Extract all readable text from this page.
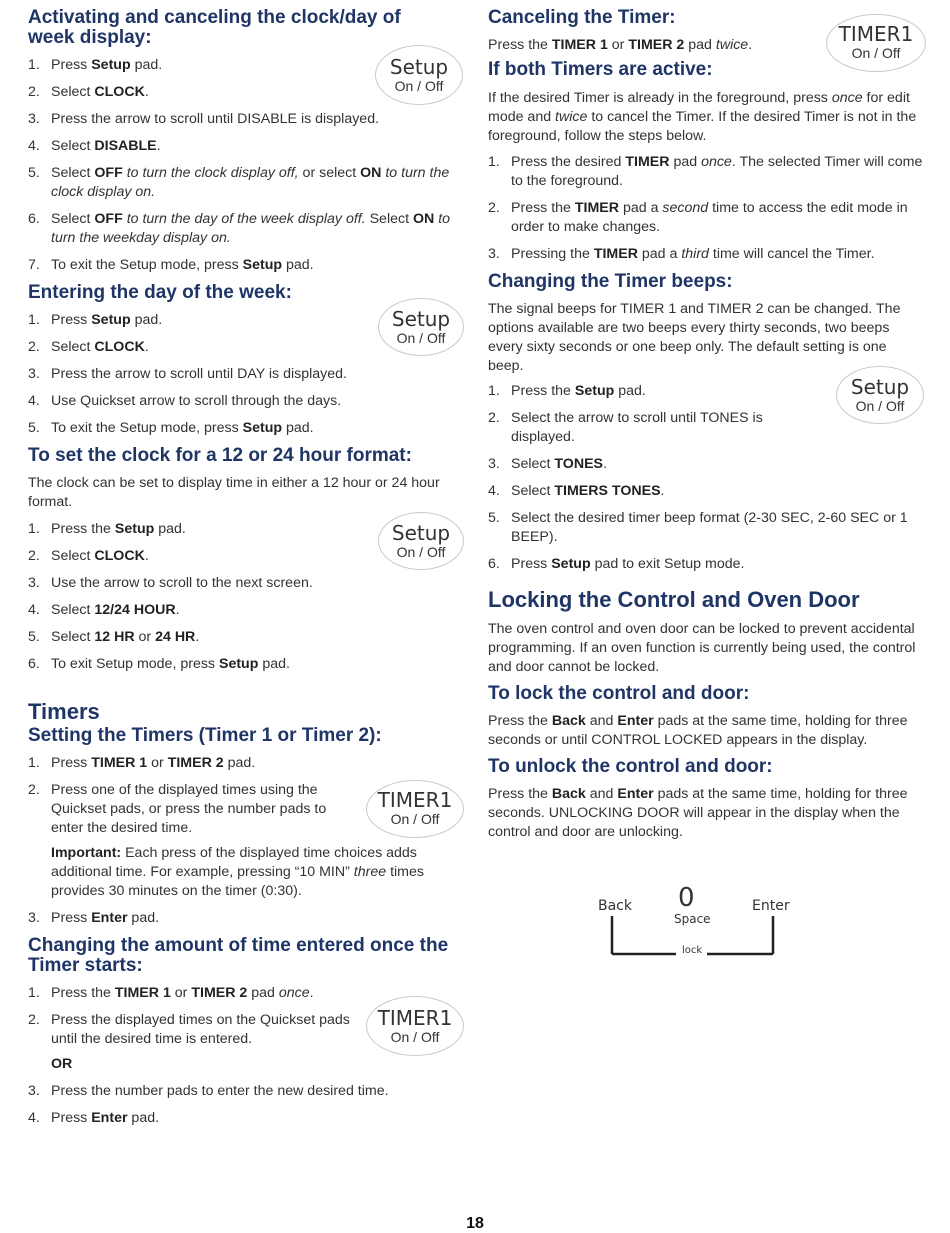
Activating and canceling the clock/day of week display:
1. Press Setup pad.
2. Select CLOCK.
3. Press the arrow to scroll until DISABLE is displayed.
4. Select DISABLE.
5. Select OFF to turn the clock display off, or select ON to turn the clock display on.
6. Select OFF to turn the day of the week display off. Select ON to turn the weekday display on.
7. To exit the Setup mode, press Setup pad.
Entering the day of the week:
1. Press Setup pad.
2. Select CLOCK.
3. Press the arrow to scroll until DAY is displayed.
4. Use Quickset arrow to scroll through the days.
5. To exit the Setup mode, press Setup pad.
To set the clock for a 12 or 24 hour format:

The clock can be set to display time in either a 12 hour or 24 hour format.

1. Press the Setup pad.
2. Select CLOCK.
3. Use the arrow to scroll to the next screen.
4. Select 12/24 HOUR.
5. Select 12 HR or 24 HR.
6. To exit Setup mode, press Setup pad.
Timers
Setting the Timers (Timer 1 or Timer 2):
1. Press TIMER 1 or TIMER 2 pad.
2. Press one of the displayed times using the Quickset pads, or press the number pads to enter the desired time.
Important: Each press of the displayed time choices adds additional time. For example, pressing “10 MIN” three times provides 30 minutes on the timer (0:30).
3. Press Enter pad.
Changing the amount of time entered once the Timer starts:
1. Press the TIMER 1 or TIMER 2 pad once.
2. Press the displayed times on the Quickset pads until the desired time is entered.
OR
3. Press the number pads to enter the new desired time.
4. Press Enter pad.
Canceling the Timer:

Press the TIMER 1 or TIMER 2 pad twice.

If both Timers are active:

If the desired Timer is already in the foreground, press once for edit mode and twice to cancel the Timer. If the desired Timer is not in the foreground, follow the steps below.

1. Press the desired TIMER pad once. The selected Timer will come to the foreground.
2. Press the TIMER pad a second time to access the edit mode in order to make changes.
3. Pressing the TIMER pad a third time will cancel the Timer.
Changing the Timer beeps:

The signal beeps for TIMER 1 and TIMER 2 can be changed. The options available are two beeps every thirty seconds, two beeps every sixty seconds or one beep only. The default setting is one beep.

1. Press the Setup pad.
2. Select the arrow to scroll until TONES is displayed.
3. Select TONES.
4. Select TIMERS TONES.
5. Select the desired timer beep format (2-30 SEC, 2-60 SEC or 1 BEEP).
6. Press Setup pad to exit Setup mode.
Locking the Control and Oven Door

The oven control and oven door can be locked to prevent accidental programming. If an oven function is currently being used, the control and door cannot be locked.

To lock the control and door:

Press the Back and Enter pads at the same time, holding for three seconds or until CONTROL LOCKED appears in the display.

To unlock the control and door:

Press the Back and Enter pads at the same time, holding for three seconds. UNLOCKING DOOR will appear in the display when the control and door are unlocking.

Setup
On / Off
Setup
On / Off
Setup
On / Off
TIMER1
On / Off
TIMER1
On / Off
TIMER1
On / Off
Setup
On / Off
Back 0	Enter
Space
lock
18
